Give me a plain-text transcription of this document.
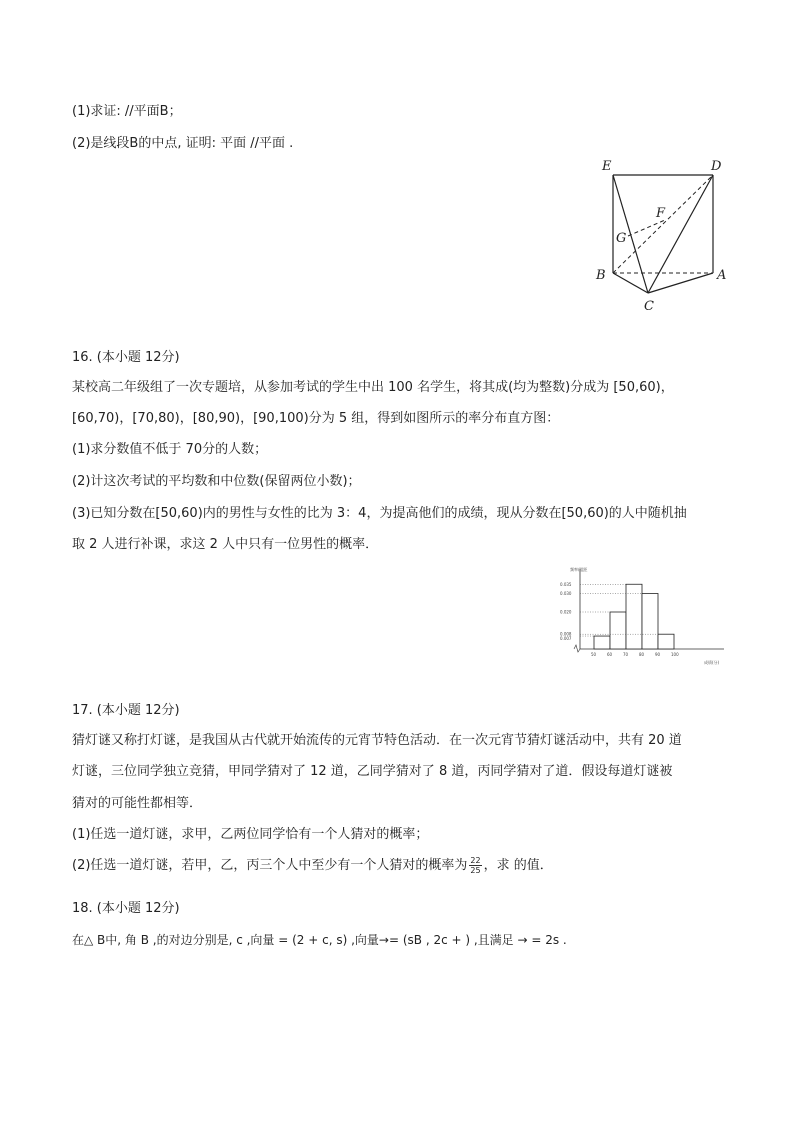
(1)求证: //平面B；
(2)是线段B的中点, 证明: 平面 //平面 .
E	D
F
G
B	A
C
16. (本小题 12分)
某校高二年级组了一次专题培，从参加考试的学生中出 100 名学生，将其成(均为整数)分成为 [50,60)，
[60,70)，[70,80)，[80,90)，[90,100)分为 5 组，得到如图所示的率分布直方图：
(1)求分数值不低于 70分的人数；
(2)计这次考试的平均数和中位数(保留两位小数)；
(3)已知分数在[50,60)内的男性与女性的比为 3：4，为提高他们的成绩，现从分数在[50,60)的人中随机抽
取 2 人进行补课，求这 2 人中只有一位男性的概率．
频率/组距
成绩(分)
0.035
0.030
0.020
0.008
0.007
50	60	70	80	90	100
17. (本小题 12分)
猜灯谜又称打灯谜，是我国从古代就开始流传的元宵节特色活动．在一次元宵节猜灯谜活动中，共有 20 道
灯谜，三位同学独立竞猜，甲同学猜对了 12 道，乙同学猜对了 8 道，丙同学猜对了道．假设每道灯谜被
猜对的可能性都相等．
(1)任选一道灯谜，求甲，乙两位同学恰有一个人猜对的概率；
(2)任选一道灯谜，若甲，乙，丙三个人中至少有一个人猜对的概率为 $\frac{22}{25}$ ，求 的值．
18. (本小题 12分)
在△ B中, 角 B ,的对边分别是, c ,向量 = (2 + c, s) ,向量→= (sB , 2c + ) ,且满足 → = 2s .
